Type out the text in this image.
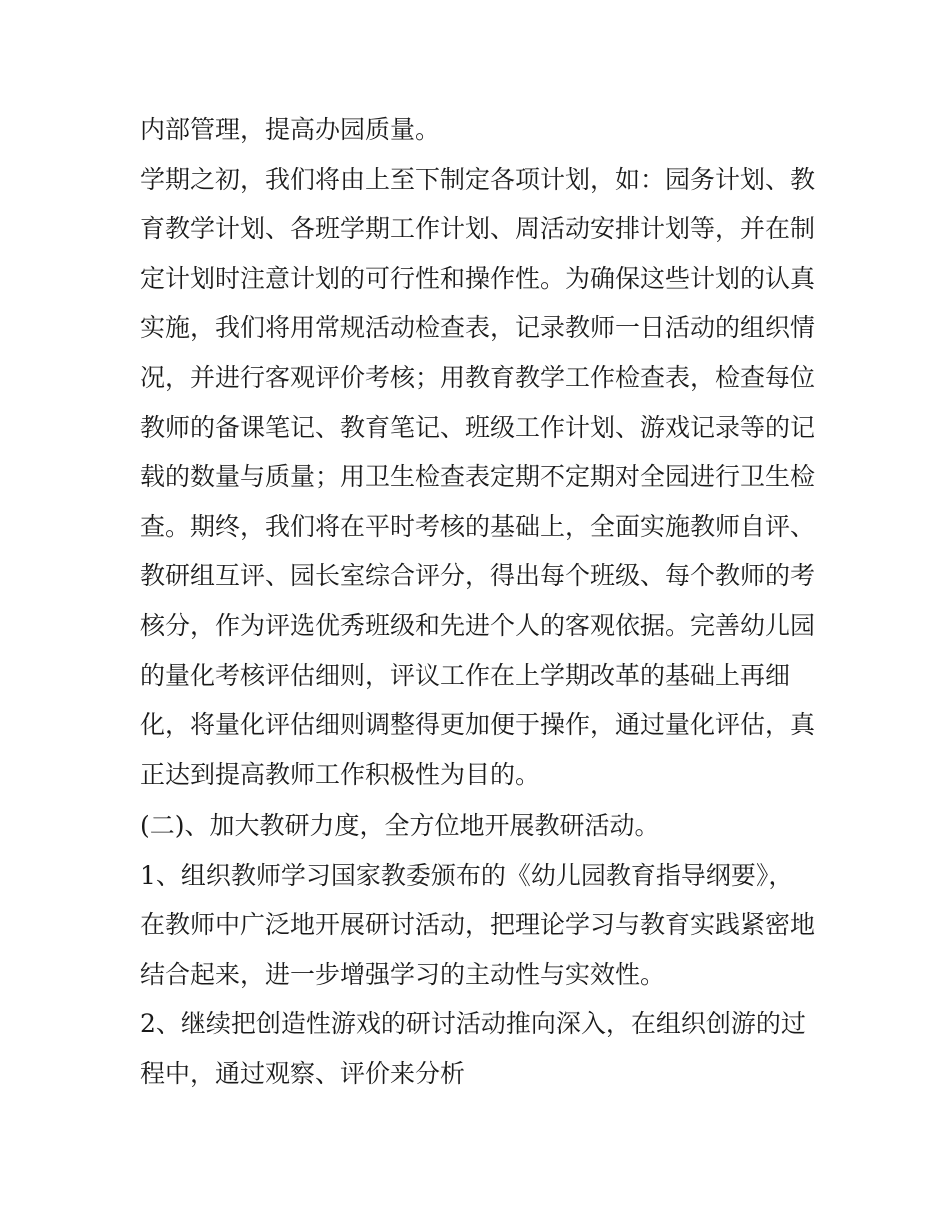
内部管理，提高办园质量。
学期之初，我们将由上至下制定各项计划，如：园务计划、教
育教学计划、各班学期工作计划、周活动安排计划等，并在制
定计划时注意计划的可行性和操作性。为确保这些计划的认真
实施，我们将用常规活动检查表，记录教师一日活动的组织情
况，并进行客观评价考核；用教育教学工作检查表，检查每位
教师的备课笔记、教育笔记、班级工作计划、游戏记录等的记
载的数量与质量；用卫生检查表定期不定期对全园进行卫生检
查。期终，我们将在平时考核的基础上，全面实施教师自评、
教研组互评、园长室综合评分，得出每个班级、每个教师的考
核分，作为评选优秀班级和先进个人的客观依据。完善幼儿园
的量化考核评估细则，评议工作在上学期改革的基础上再细
化，将量化评估细则调整得更加便于操作，通过量化评估，真
正达到提高教师工作积极性为目的。
(二)、加大教研力度，全方位地开展教研活动。
1、组织教师学习国家教委颁布的《幼儿园教育指导纲要》，
在教师中广泛地开展研讨活动，把理论学习与教育实践紧密地
结合起来，进一步增强学习的主动性与实效性。
2、继续把创造性游戏的研讨活动推向深入，在组织创游的过
程中，通过观察、评价来分析
